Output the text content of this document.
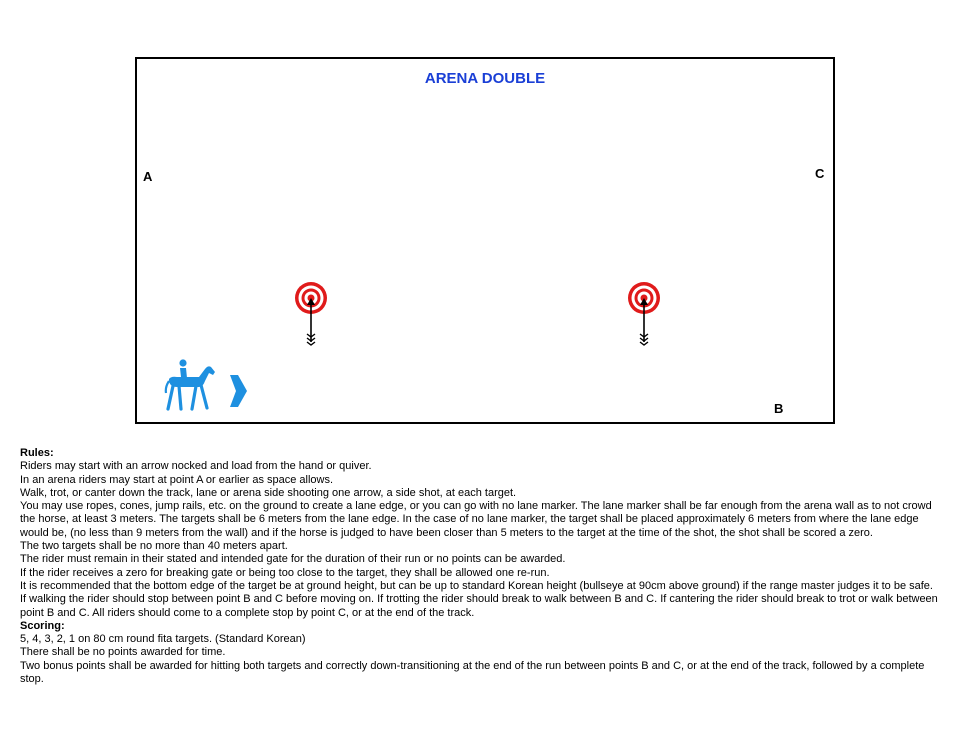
ARENA DOUBLE
A	C
B
Rules:
Riders may start with an arrow nocked and load from the hand or quiver.
In an arena riders may start at point A or earlier as space allows.
Walk, trot, or canter down the track, lane or arena side shooting one arrow, a side shot, at each target.
You may use ropes, cones, jump rails, etc. on the ground to create a lane edge, or you can go with no lane marker. The lane marker shall be far enough from the arena wall as to not crowd the horse, at least 3 meters. The targets shall be 6 meters from the lane edge. In the case of no lane marker, the target shall be placed approximately 6 meters from where the lane edge would be, (no less than 9 meters from the wall) and if the horse is judged to have been closer than 5 meters to the target at the time of the shot, the shot shall be scored a zero.
The two targets shall be no more than 40 meters apart.
The rider must remain in their stated and intended gate for the duration of their run or no points can be awarded.
If the rider receives a zero for breaking gate or being too close to the target, they shall be allowed one re-run.
It is recommended that the bottom edge of the target be at ground height, but can be up to standard Korean height (bullseye at 90cm above ground) if the range master judges it to be safe.
If walking the rider should stop between point B and C before moving on. If trotting the rider should break to walk between B and C. If cantering the rider should break to trot or walk between point B and C. All riders should come to a complete stop by point C, or at the end of the track.
Scoring:
5, 4, 3, 2, 1 on 80 cm round fita targets. (Standard Korean)
There shall be no points awarded for time.
Two bonus points shall be awarded for hitting both targets and correctly down-transitioning at the end of the run between points B and C, or at the end of the track, followed by a complete stop.
